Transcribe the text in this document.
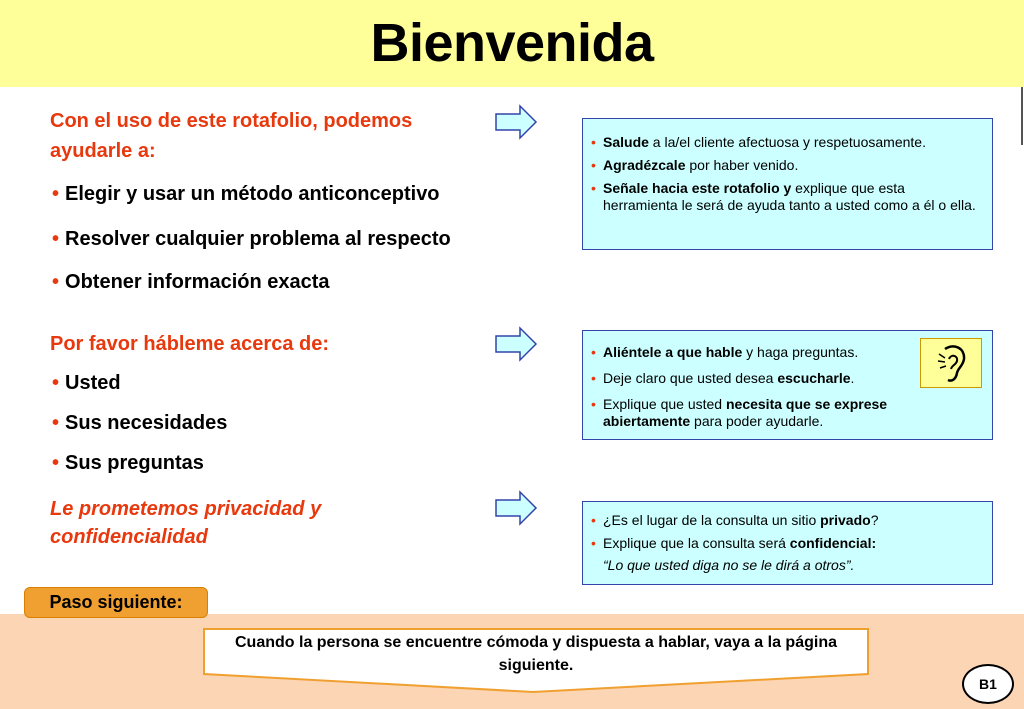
Bienvenida
Con el uso de este rotafolio, podemos ayudarle a:
• Elegir y usar un método anticonceptivo
• Resolver cualquier problema al respecto
• Obtener información exacta
Por favor hábleme acerca de:
• Usted
• Sus necesidades
• Sus preguntas
Le prometemos privacidad y confidencialidad
• Salude a la/el cliente afectuosa y respetuosamente.
• Agradézcale por haber venido.
• Señale hacia este rotafolio y explique que esta herramienta le será de ayuda tanto a usted como a él o ella.
• Aliéntele a que hable y haga preguntas.
• Deje claro que usted desea escucharle.
• Explique que usted necesita que se exprese abiertamente para poder ayudarle.
• ¿Es el lugar de la consulta un sitio privado?
• Explique que la consulta será confidencial:
“Lo que usted diga no se le dirá a otros”.
Paso siguiente:
Cuando la persona se encuentre cómoda y dispuesta a hablar, vaya a la página siguiente.
B1
